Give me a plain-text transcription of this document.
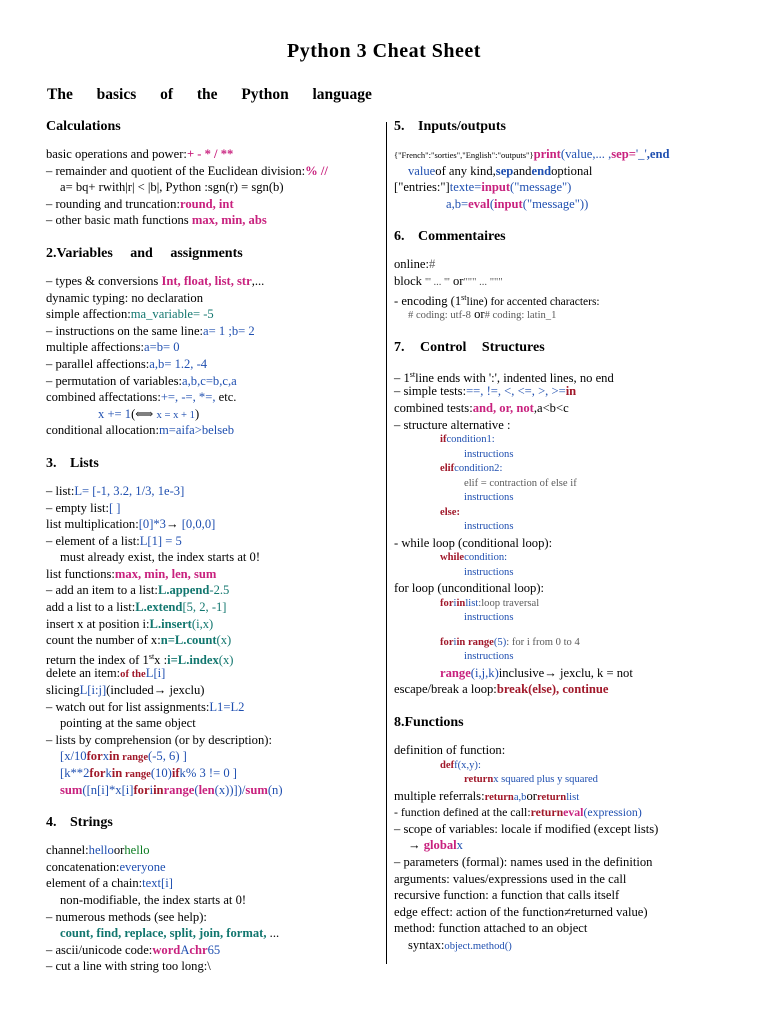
Python 3 Cheat Sheet
The basics of the Python language
Calculations
basic operations and power:+ - * / **
– remainder and quotient of the Euclidean division:% //
a= bq+ rwith|r| < |b|, Python :sgn(r) = sgn(b)
– rounding and truncation:round, int
– other basic math functions max, min, abs
2.Variables and assignments
– types & conversions Int, float, list, str,...
dynamic typing: no declaration
simple affection:ma_variable= -5
– instructions on the same line:a= 1 ;b= 2
multiple affections:a=b= 0
– parallel affections:a,b= 1.2, -4
– permutation of variables:a,b,c=b,c,a
combined affectations:+=, -=, *=, etc.
x += 1(⟺ x = x + 1)
conditional allocation:m=aifa>belseb
3. Lists
– list:L= [-1, 3.2, 1/3, 1e-3]
– empty list:[ ]
list multiplication:[0]*3→ [0,0,0]
– element of a list:L[1] = 5
must already exist, the index starts at 0!
list functions:max, min, len, sum
– add an item to a list:L.append-2.5
add a list to a list:L.extend[5, 2, -1]
insert x at position i:L.insert(i,x)
count the number of x:n=L.count(x)
return the index of 1stx :i=L.index(x)
delete an item:of theL[i]
slicingL[i:j](included→ jexclu)
– watch out for list assignments:L1=L2
pointing at the same object
– lists by comprehension (or by description):
[x/10forxin range(-5, 6) ]
[k**2forkin range(10)ifk% 3 != 0 ]
sum([n[i]*x[i]foriinrange(len(x))])/sum(n)
4. Strings
channel:helloorhello
concatenation:everyone
element of a chain:text[i]
non-modifiable, the index starts at 0!
– numerous methods (see help):
count, find, replace, split, join, format, ...
– ascii/unicode code:wordAchr65
– cut a line with string too long:\
5. Inputs/outputs
{"French":"sorties","English":"outputs"}print(value,... ,sep='_',end
valueof any kind,sepandendoptional
["entries:"]texte=input("message")
a,b=eval(input("message"))
6. Commentaires
online:#
block ''' ... ''' or""" ... """
- encoding (1stline) for accented characters:
# coding: utf-8 or# coding: latin_1
7. Control Structures
– 1stline ends with ':', indented lines, no end
– simple tests:==, !=, <, <=, >, >=in
combined tests:and, or, not,a<b<c
– structure alternative :
ifcondition1:
instructions
elifcondition2:
elif = contraction of else if
instructions
else:
instructions
- while loop (conditional loop):
whilecondition:
instructions
for loop (unconditional loop):
foriinlist:loop traversal
instructions
foriin range(5): for i from 0 to 4
instructions
range(i,j,k)inclusive→ jexclu, k = not
escape/break a loop:break(else), continue
8.Functions
definition of function:
deff(x,y):
returnx squared plus y squared
multiple referrals:returna,borreturnlist
- function defined at the call:returneval(expression)
– scope of variables: locale if modified (except lists)
→ globalx
– parameters (formal): names used in the definition
arguments: values/expressions used in the call
recursive function: a function that calls itself
edge effect: action of the function≠returned value)
method: function attached to an object
syntax:object.method()
